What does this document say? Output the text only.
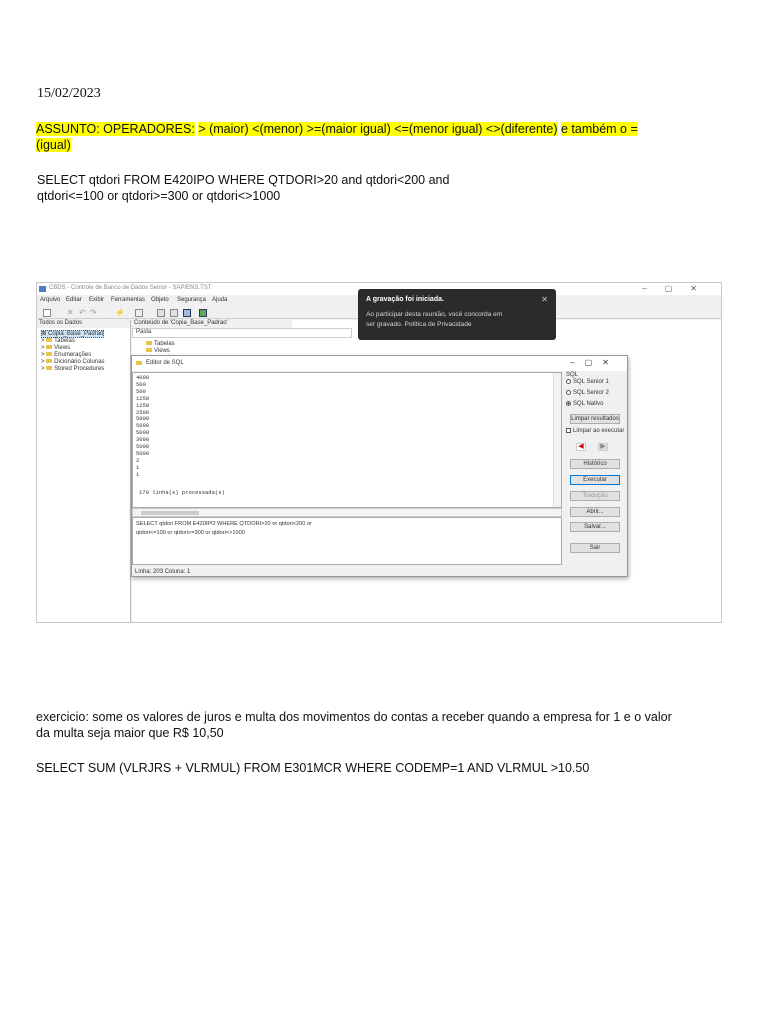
15/02/2023
ASSUNTO: OPERADORES: > (maior) <(menor) >=(maior igual) <=(menor igual) <>(diferente) e também o =
(igual)
SELECT qtdori FROM E420IPO WHERE QTDORI>20 and qtdori<200 and
qtdori<=100 or qtdori>=300 or qtdori<>1000
CBDS - Controle de Banco de Dados Senior - SAPIENS.TST	–▢✕
Arquivo Editar Exibir Ferramentas Objeto Segurança Ajuda
✕ ↶ ↷ ⚡
Todos os Dados
Copia_Base_Padrao
> Tabelas
> Views
> Enumerações
> Dicionário Colunas
> Stored Procedures
Conteúdo de 'Copia_Base_Padrao'
Pasta
Tabelas
Views
A gravação foi iniciada.	✕
Ao participar desta reunião, você concorda em
ser gravado. Política de Privacidade
Editor de SQL	–▢✕
4000
500
500
1250
1250
2500
5000
5000
5000
3000
5000
5000
2
1
1
170 linha(s) processada(s)
SELECT qtdori FROM E420IPO WHERE QTDORI>20 or qtdori<200 or
qtdori<=100 or qtdori>=300 or qtdori<>1000
Linha: 203 Coluna: 1
SQL
SQL Senior 1
SQL Senior 2
SQL Nativo
Limpar resultados
Limpar ao executar
◀	▶
Histórico
Executar
Tradução
Abrir...
Salvar...
Sair
exercicio: some os valores de juros e multa dos movimentos do contas a receber quando a empresa for 1 e o valor
da multa seja maior que R$ 10,50
SELECT SUM (VLRJRS + VLRMUL) FROM E301MCR WHERE CODEMP=1 AND VLRMUL >10.50
